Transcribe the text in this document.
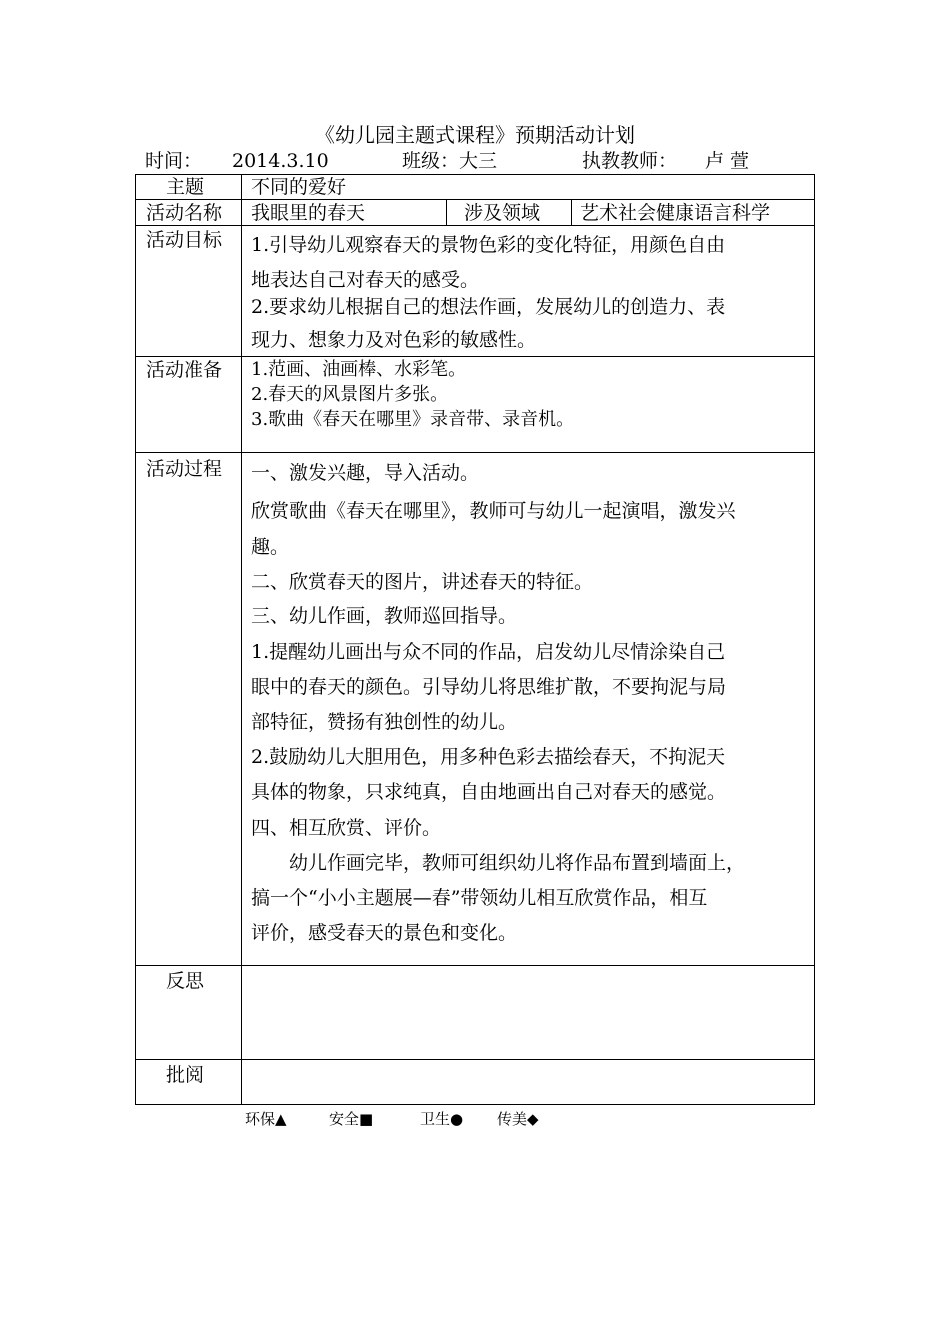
《幼儿园主题式课程》预期活动计划
时间： 2014.3.10	班级：大三	执教教师： 卢 萱
主题 不同的爱好
活动名称 我眼里的春天	涉及领域 艺术社会健康语言科学
活动目标 1.引导幼儿观察春天的景物色彩的变化特征，用颜色自由
地表达自己对春天的感受。
2.要求幼儿根据自己的想法作画，发展幼儿的创造力、表
现力、想象力及对色彩的敏感性。
活动准备 1.范画、油画棒、水彩笔。
2.春天的风景图片多张。
3.歌曲《春天在哪里》录音带、录音机。
活动过程 一、激发兴趣，导入活动。
欣赏歌曲《春天在哪里》，教师可与幼儿一起演唱，激发兴
趣。
二、欣赏春天的图片，讲述春天的特征。
三、幼儿作画，教师巡回指导。
1.提醒幼儿画出与众不同的作品，启发幼儿尽情涂染自己
眼中的春天的颜色。引导幼儿将思维扩散，不要拘泥与局
部特征，赞扬有独创性的幼儿。
2.鼓励幼儿大胆用色，用多种色彩去描绘春天，不拘泥天
具体的物象，只求纯真，自由地画出自己对春天的感觉。
四、相互欣赏、评价。
幼儿作画完毕，教师可组织幼儿将作品布置到墙面上，
搞一个“小小主题展—春”带领幼儿相互欣赏作品，相互
评价，感受春天的景色和变化。
反思
批阅
环保▲	安全■	卫生● 传美◆
